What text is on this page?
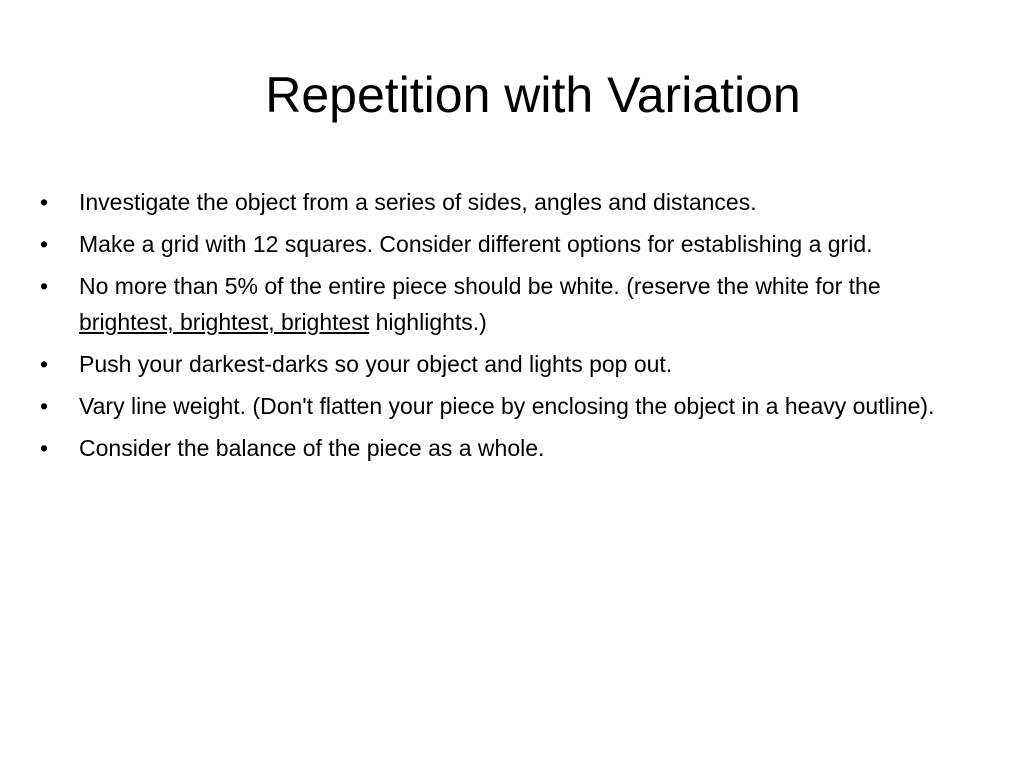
Repetition with Variation
•	Investigate the object from a series of sides, angles and distances.
•	Make a grid with 12 squares. Consider different options for establishing a grid.
•	No more than 5% of the entire piece should be white. (reserve the white for the brightest, brightest, brightest highlights.)
•	Push your darkest-darks so your object and lights pop out.
•	Vary line weight. (Don't flatten your piece by enclosing the object in a heavy outline).
•	Consider the balance of the piece as a whole.
